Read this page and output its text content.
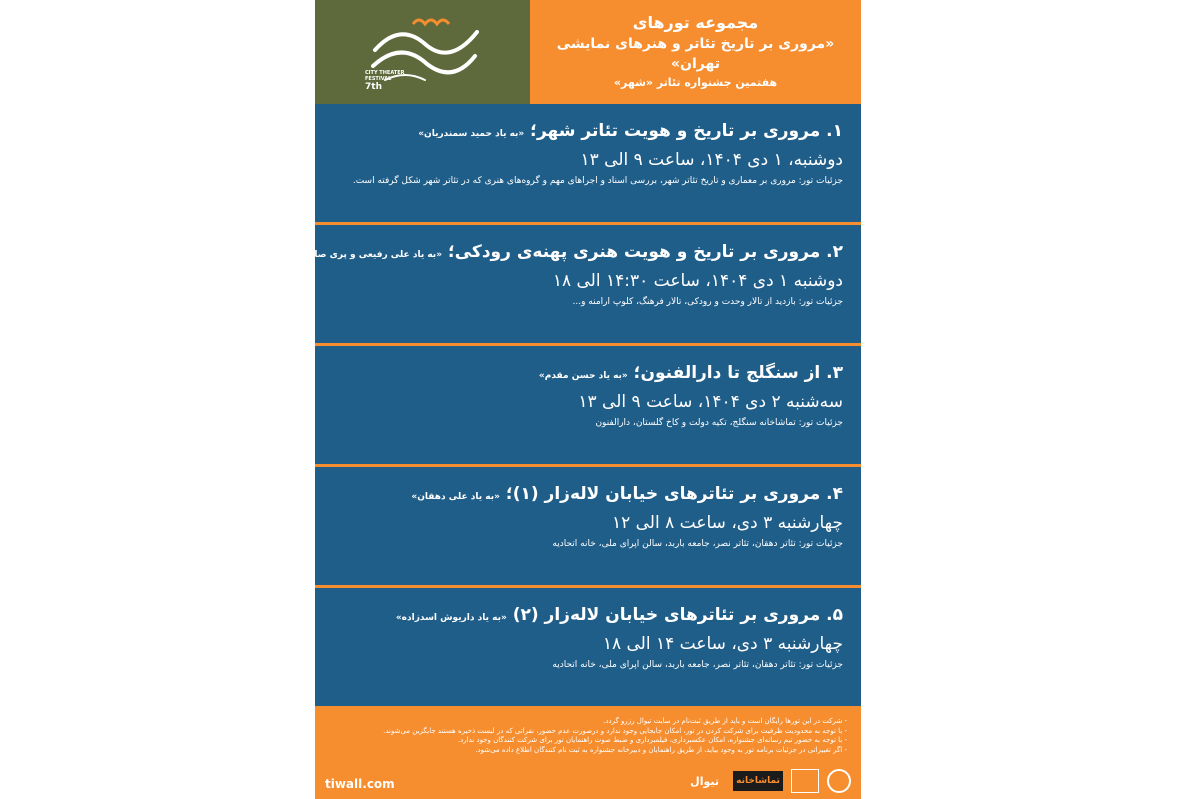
CITY THEATER
FESTIVAL
7th
مجموعه تورهای
«مروری بر تاریخ تئاتر و هنرهای نمایشی تهران»
هفتمین جشنواره تئاتر «شهر»
۱. مروری بر تاریخ و هویت تئاتر شهر؛ «به یاد حمید سمندریان»
دوشنبه، ۱ دی ۱۴۰۴، ساعت ۹ الی ۱۳
جزئیات تور: مروری بر معماری و تاریخ تئاتر شهر، بررسی اسناد و اجراهای مهم و گروه‌های هنری که در تئاتر شهر شکل گرفته است.
۲. مروری بر تاریخ و هویت هنری پهنه‌ی رودکی؛ «به یاد علی رفیعی و پری صابری»
دوشنبه ۱ دی ۱۴۰۴، ساعت ۱۴:۳۰ الی ۱۸
جزئیات تور: بازدید از تالار وحدت و رودکی، تالار فرهنگ، کلوپ ارامنه و...
۳. از سنگلج تا دارالفنون؛ «به یاد حسن مقدم»
سه‌شنبه ۲ دی ۱۴۰۴، ساعت ۹ الی ۱۳
جزئیات تور: تماشاخانه سنگلج، تکیه دولت و کاخ گلستان، دارالفنون
۴. مروری بر تئاترهای خیابان لاله‌زار (۱)؛ «به یاد علی دهقان»
چهارشنبه ۳ دی، ساعت ۸ الی ۱۲
جزئیات تور: تئاتر دهقان، تئاتر نصر، جامعه باربد، سالن اپرای ملی، خانه اتحادیه
۵. مروری بر تئاترهای خیابان لاله‌زار (۲) «به یاد داریوش اسدزاده»
چهارشنبه ۳ دی، ساعت ۱۴ الی ۱۸
جزئیات تور: تئاتر دهقان، تئاتر نصر، جامعه باربد، سالن اپرای ملی، خانه اتحادیه
- شرکت در این تورها رایگان است و باید از طریق ثبت‌نام در سایت تیوال رزرو گردد.
- با توجه به محدودیت ظرفیت برای شرکت کردن در تور، امکان جابجایی وجود ندارد و درصورت عدم حضور، نفراتی که در لیست ذخیره هستند جایگزین می‌شوند.
- با توجه به حضور تیم رسانه‌ای جشنواره، امکان عکسبرداری، فیلمبرداری و ضبط صوت راهنمایان تور برای شرکت کنندگان وجود ندارد.
- اگر تغییراتی در جزئیات برنامه تور به وجود بیاید، از طریق راهنمایان و دبیرخانه جشنواره به ثبت نام کنندگان اطلاع داده می‌شود.
tiwall.com	تیوال	تماشاخانه
